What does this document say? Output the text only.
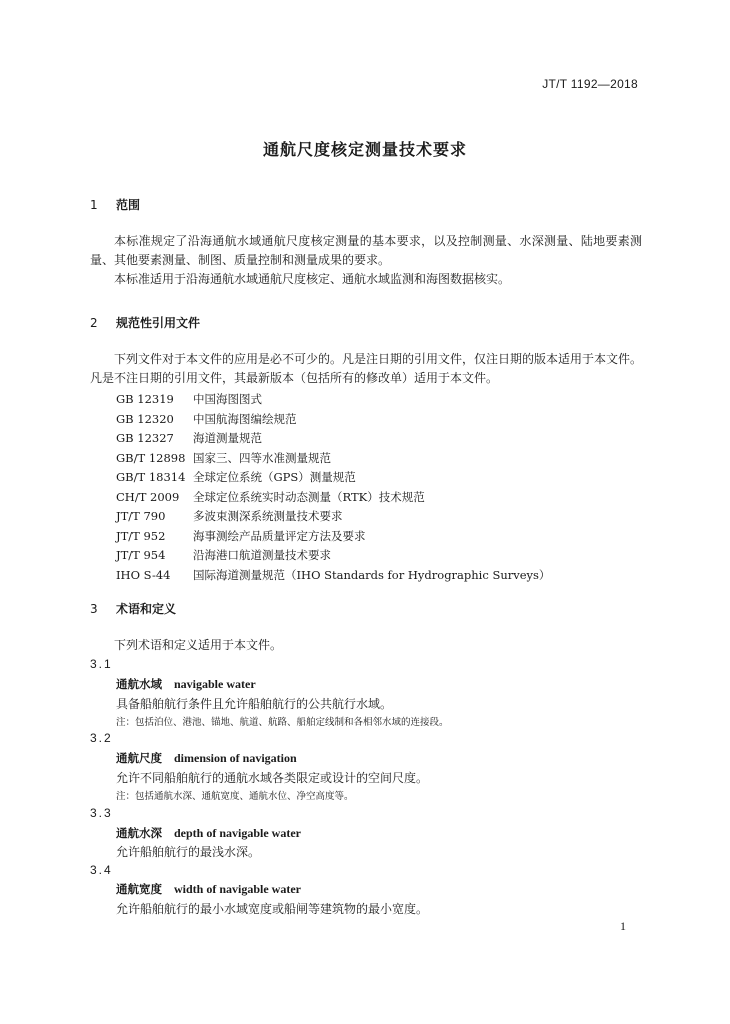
JT/T 1192—2018
通航尺度核定测量技术要求
1 范围
本标准规定了沿海通航水域通航尺度核定测量的基本要求，以及控制测量、水深测量、陆地要素测量、其他要素测量、制图、质量控制和测量成果的要求。
本标准适用于沿海通航水域通航尺度核定、通航水域监测和海图数据核实。
2 规范性引用文件
下列文件对于本文件的应用是必不可少的。凡是注日期的引用文件，仅注日期的版本适用于本文件。凡是不注日期的引用文件，其最新版本（包括所有的修改单）适用于本文件。
GB 12319 中国海图图式
GB 12320 中国航海图编绘规范
GB 12327 海道测量规范
GB/T 12898 国家三、四等水准测量规范
GB/T 18314 全球定位系统（GPS）测量规范
CH/T 2009 全球定位系统实时动态测量（RTK）技术规范
JT/T 790 多波束测深系统测量技术要求
JT/T 952 海事测绘产品质量评定方法及要求
JT/T 954 沿海港口航道测量技术要求
IHO S-44 国际海道测量规范（IHO Standards for Hydrographic Surveys）
3 术语和定义
下列术语和定义适用于本文件。
3.1
通航水域 navigable water
具备船舶航行条件且允许船舶航行的公共航行水域。
注：包括泊位、港池、锚地、航道、航路、船舶定线制和各相邻水域的连接段。
3.2
通航尺度 dimension of navigation
允许不同船舶航行的通航水域各类限定或设计的空间尺度。
注：包括通航水深、通航宽度、通航水位、净空高度等。
3.3
通航水深 depth of navigable water
允许船舶航行的最浅水深。
3.4
通航宽度 width of navigable water
允许船舶航行的最小水域宽度或船闸等建筑物的最小宽度。
1
